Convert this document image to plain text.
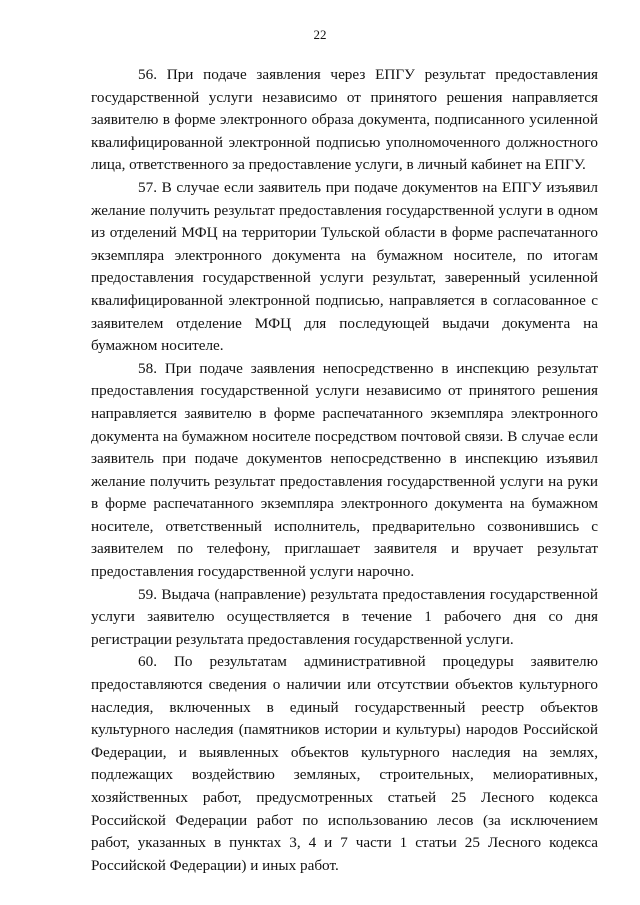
22

56. При подаче заявления через ЕПГУ результат предоставления государственной услуги независимо от принятого решения направляется заявителю в форме электронного образа документа, подписанного усиленной квалифицированной электронной подписью уполномоченного должностного лица, ответственного за предоставление услуги, в личный кабинет на ЕПГУ.

57. В случае если заявитель при подаче документов на ЕПГУ изъявил желание получить результат предоставления государственной услуги в одном из отделений МФЦ на территории Тульской области в форме распечатанного экземпляра электронного документа на бумажном носителе, по итогам предоставления государственной услуги результат, заверенный усиленной квалифицированной электронной подписью, направляется в согласованное с заявителем отделение МФЦ для последующей выдачи документа на бумажном носителе.

58. При подаче заявления непосредственно в инспекцию результат предоставления государственной услуги независимо от принятого решения направляется заявителю в форме распечатанного экземпляра электронного документа на бумажном носителе посредством почтовой связи. В случае если заявитель при подаче документов непосредственно в инспекцию изъявил желание получить результат предоставления государственной услуги на руки в форме распечатанного экземпляра электронного документа на бумажном носителе, ответственный исполнитель, предварительно созвонившись с заявителем по телефону, приглашает заявителя и вручает результат предоставления государственной услуги нарочно.

59. Выдача (направление) результата предоставления государственной услуги заявителю осуществляется в течение 1 рабочего дня со дня регистрации результата предоставления государственной услуги.

60. По результатам административной процедуры заявителю предоставляются сведения о наличии или отсутствии объектов культурного наследия, включенных в единый государственный реестр объектов культурного наследия (памятников истории и культуры) народов Российской Федерации, и выявленных объектов культурного наследия на землях, подлежащих воздействию земляных, строительных, мелиоративных, хозяйственных работ, предусмотренных статьей 25 Лесного кодекса Российской Федерации работ по использованию лесов (за исключением работ, указанных в пунктах 3, 4 и 7 части 1 статьи 25 Лесного кодекса Российской Федерации) и иных работ.
